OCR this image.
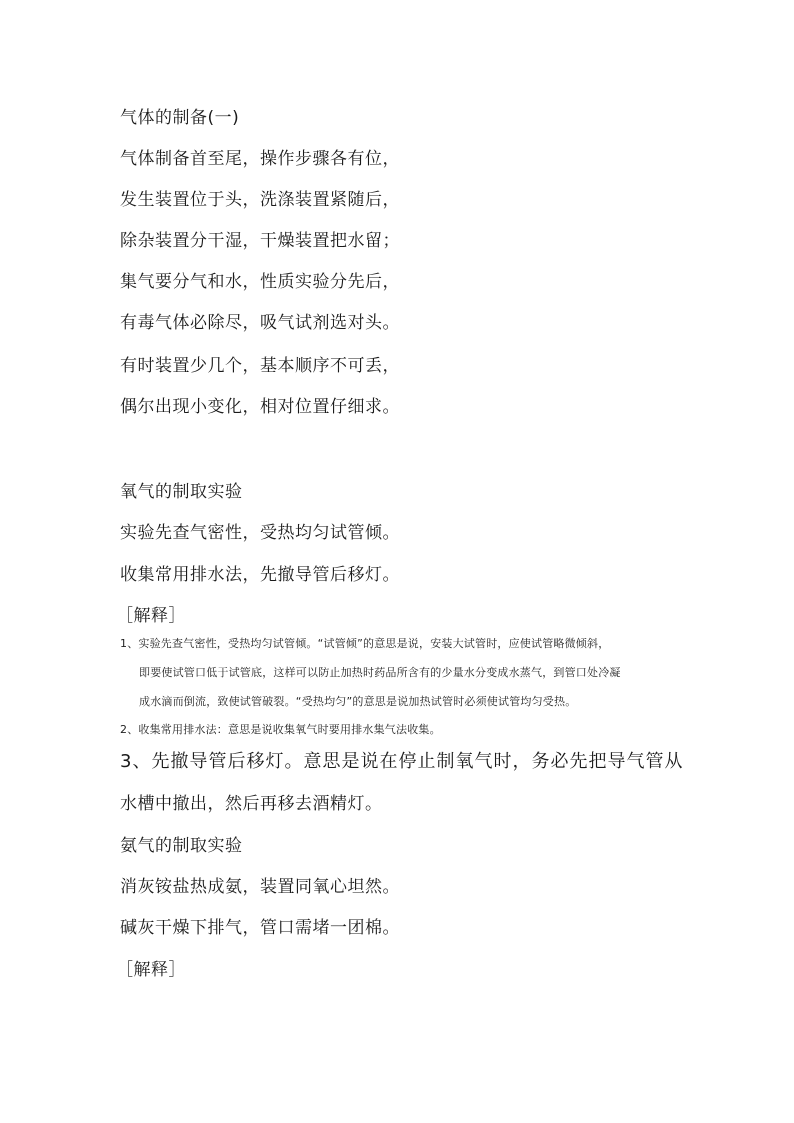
气体的制备(一)
气体制备首至尾，操作步骤各有位，
发生装置位于头，洗涤装置紧随后，
除杂装置分干湿，干燥装置把水留；
集气要分气和水，性质实验分先后，
有毒气体必除尽，吸气试剂选对头。
有时装置少几个，基本顺序不可丢，
偶尔出现小变化，相对位置仔细求。
氧气的制取实验
实验先查气密性，受热均匀试管倾。
收集常用排水法，先撤导管后移灯。
［解释］
1、实验先查气密性，受热均匀试管倾。“试管倾”的意思是说，安装大试管时，应使试管略微倾斜，
即要使试管口低于试管底，这样可以防止加热时药品所含有的少量水分变成水蒸气，到管口处冷凝
成水滴而倒流，致使试管破裂。“受热均匀”的意思是说加热试管时必须使试管均匀受热。
2、收集常用排水法：意思是说收集氧气时要用排水集气法收集。
3、先撤导管后移灯。意思是说在停止制氧气时，务必先把导气管从
水槽中撤出，然后再移去酒精灯。
氨气的制取实验
消灰铵盐热成氨，装置同氧心坦然。
碱灰干燥下排气，管口需堵一团棉。
［解释］
